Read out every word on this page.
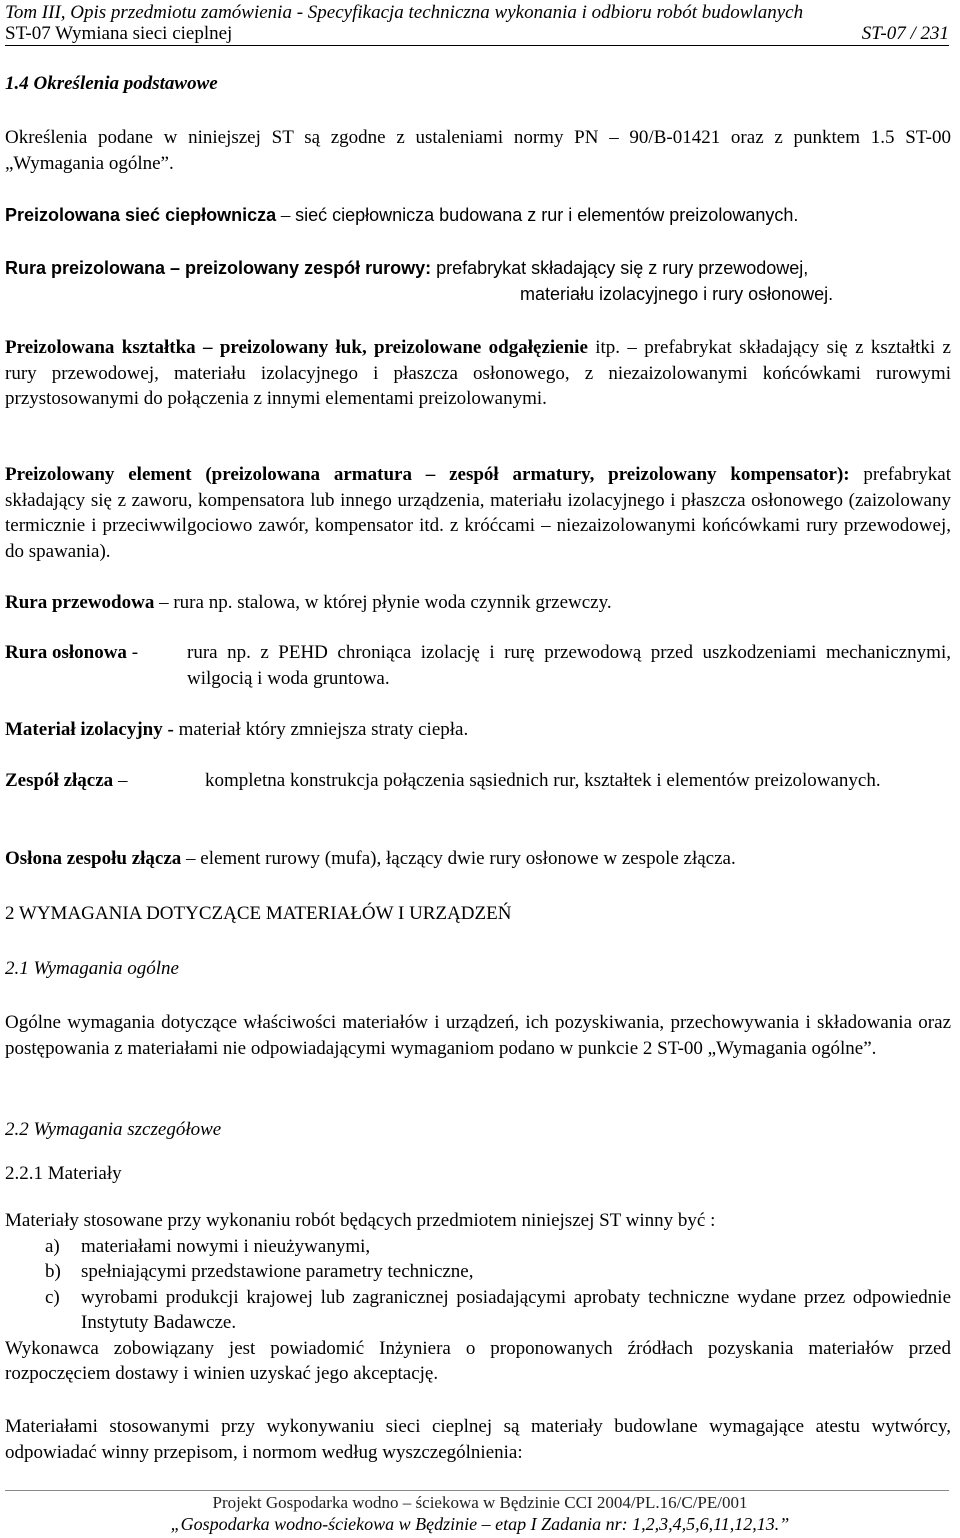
Tom III, Opis przedmiotu zamówienia - Specyfikacja techniczna wykonania i odbioru robót budowlanych
ST-07 Wymiana sieci cieplnej	ST-07 / 231
1.4 Określenia podstawowe
Określenia podane w niniejszej ST są zgodne z ustaleniami normy PN – 90/B-01421 oraz z punktem 1.5 ST-00 „Wymagania ogólne”.
Preizolowana sieć ciepłownicza – sieć ciepłownicza budowana z rur i elementów preizolowanych.
Rura preizolowana – preizolowany zespół rurowy: prefabrykat składający się z rury przewodowej,
materiału izolacyjnego i rury osłonowej.
Preizolowana kształtka – preizolowany łuk, preizolowane odgałęzienie itp. – prefabrykat składający się z kształtki z rury przewodowej, materiału izolacyjnego i płaszcza osłonowego, z niezaizolowanymi końcówkami rurowymi przystosowanymi do połączenia z innymi elementami preizolowanymi.
Preizolowany element (preizolowana armatura – zespół armatury, preizolowany kompensator): prefabrykat składający się z zaworu, kompensatora lub innego urządzenia, materiału izolacyjnego i płaszcza osłonowego (zaizolowany termicznie i przeciwwilgociowo zawór, kompensator itd. z króćcami – niezaizolowanymi końcówkami rury przewodowej, do spawania).
Rura przewodowa – rura np. stalowa, w której płynie woda czynnik grzewczy.
Rura osłonowa -	rura np. z PEHD chroniąca izolację i rurę przewodową przed uszkodzeniami mechanicznymi, wilgocią i woda gruntowa.
Materiał izolacyjny - materiał który zmniejsza straty ciepła.
Zespół złącza –	kompletna konstrukcja połączenia sąsiednich rur, kształtek i elementów preizolowanych.
Osłona zespołu złącza – element rurowy (mufa), łączący dwie rury osłonowe w zespole złącza.
2 WYMAGANIA DOTYCZĄCE MATERIAŁÓW I URZĄDZEŃ
2.1 Wymagania ogólne
Ogólne wymagania dotyczące właściwości materiałów i urządzeń, ich pozyskiwania, przechowywania i składowania oraz postępowania z materiałami nie odpowiadającymi wymaganiom podano w punkcie 2 ST-00 „Wymagania ogólne”.
2.2 Wymagania szczegółowe
2.2.1 Materiały
Materiały stosowane przy wykonaniu robót będących przedmiotem niniejszej ST winny być :
a)	materiałami nowymi i nieużywanymi,
b)	spełniającymi przedstawione parametry techniczne,
c)	wyrobami produkcji krajowej lub zagranicznej posiadającymi aprobaty techniczne wydane przez odpowiednie Instytuty Badawcze.
Wykonawca zobowiązany jest powiadomić Inżyniera o proponowanych źródłach pozyskania materiałów przed rozpoczęciem dostawy i winien uzyskać jego akceptację.
Materiałami stosowanymi przy wykonywaniu sieci cieplnej są materiały budowlane wymagające atestu wytwórcy, odpowiadać winny przepisom, i normom według wyszczególnienia:
Projekt Gospodarka wodno – ściekowa w Będzinie CCI 2004/PL.16/C/PE/001
„Gospodarka wodno-ściekowa w Będzinie – etap I Zadania nr: 1,2,3,4,5,6,11,12,13.”
